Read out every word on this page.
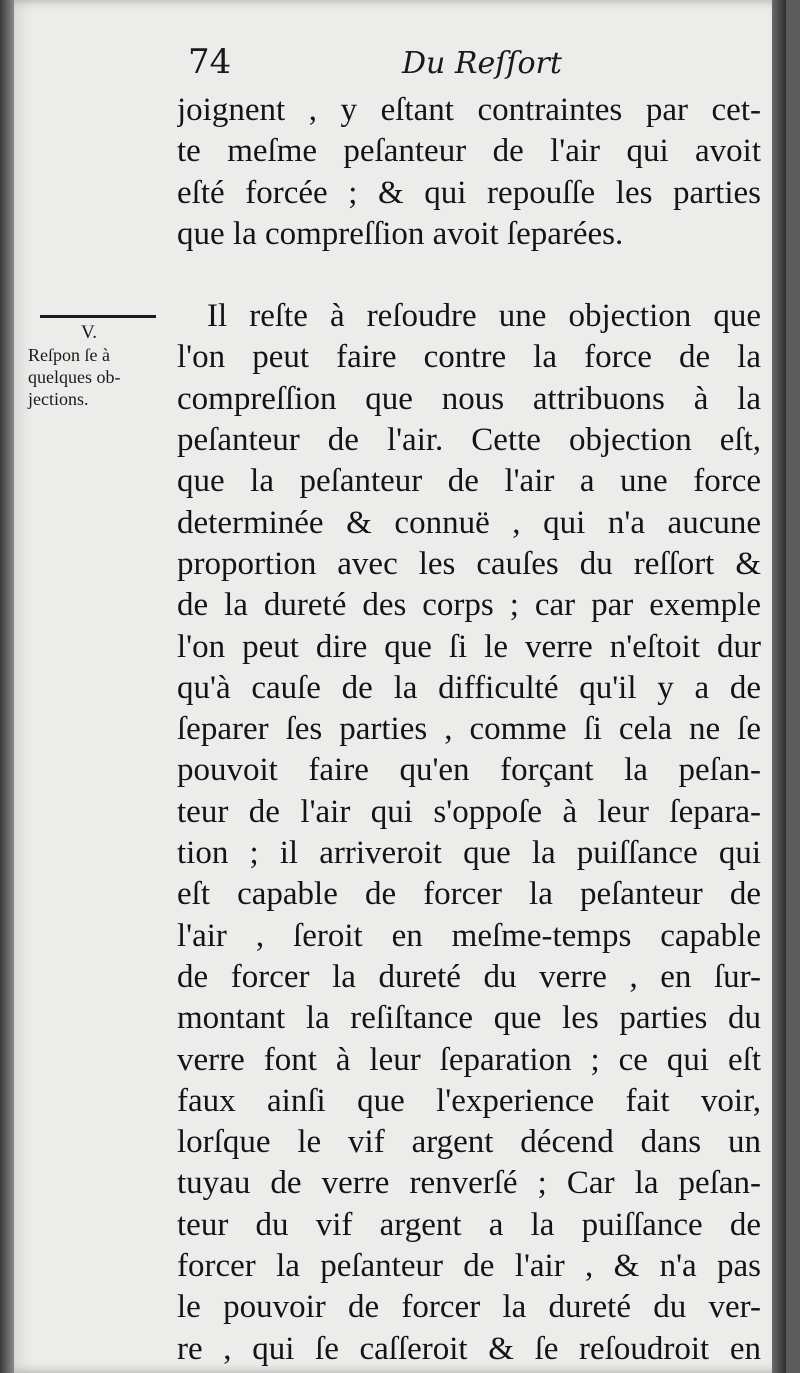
74	Du Reſſort
V.
Reſpon ſe à
quelques ob-
jections.
joignent , y eſtant contraintes par cet-
te meſme peſanteur de l'air qui avoit
eſté forcée ; & qui repouſſe les parties
que la compreſſion avoit ſeparées.
Il reſte à reſoudre une objection que
l'on peut faire contre la force de la
compreſſion que nous attribuons à la
peſanteur de l'air. Cette objection eſt,
que la peſanteur de l'air a une force
determinée & connuë , qui n'a aucune
proportion avec les cauſes du reſſort &
de la dureté des corps ; car par exemple
l'on peut dire que ſi le verre n'eſtoit dur
qu'à cauſe de la difficulté qu'il y a de
ſeparer ſes parties , comme ſi cela ne ſe
pouvoit faire qu'en forçant la peſan-
teur de l'air qui s'oppoſe à leur ſepara-
tion ; il arriveroit que la puiſſance qui
eſt capable de forcer la peſanteur de
l'air , ſeroit en meſme-temps capable
de forcer la dureté du verre , en ſur-
montant la reſiſtance que les parties du
verre font à leur ſeparation ; ce qui eſt
faux ainſi que l'experience fait voir,
lorſque le vif argent décend dans un
tuyau de verre renverſé ; Car la peſan-
teur du vif argent a la puiſſance de
forcer la peſanteur de l'air , & n'a pas
le pouvoir de forcer la dureté du ver-
re , qui ſe caſſeroit & ſe reſoudroit en
